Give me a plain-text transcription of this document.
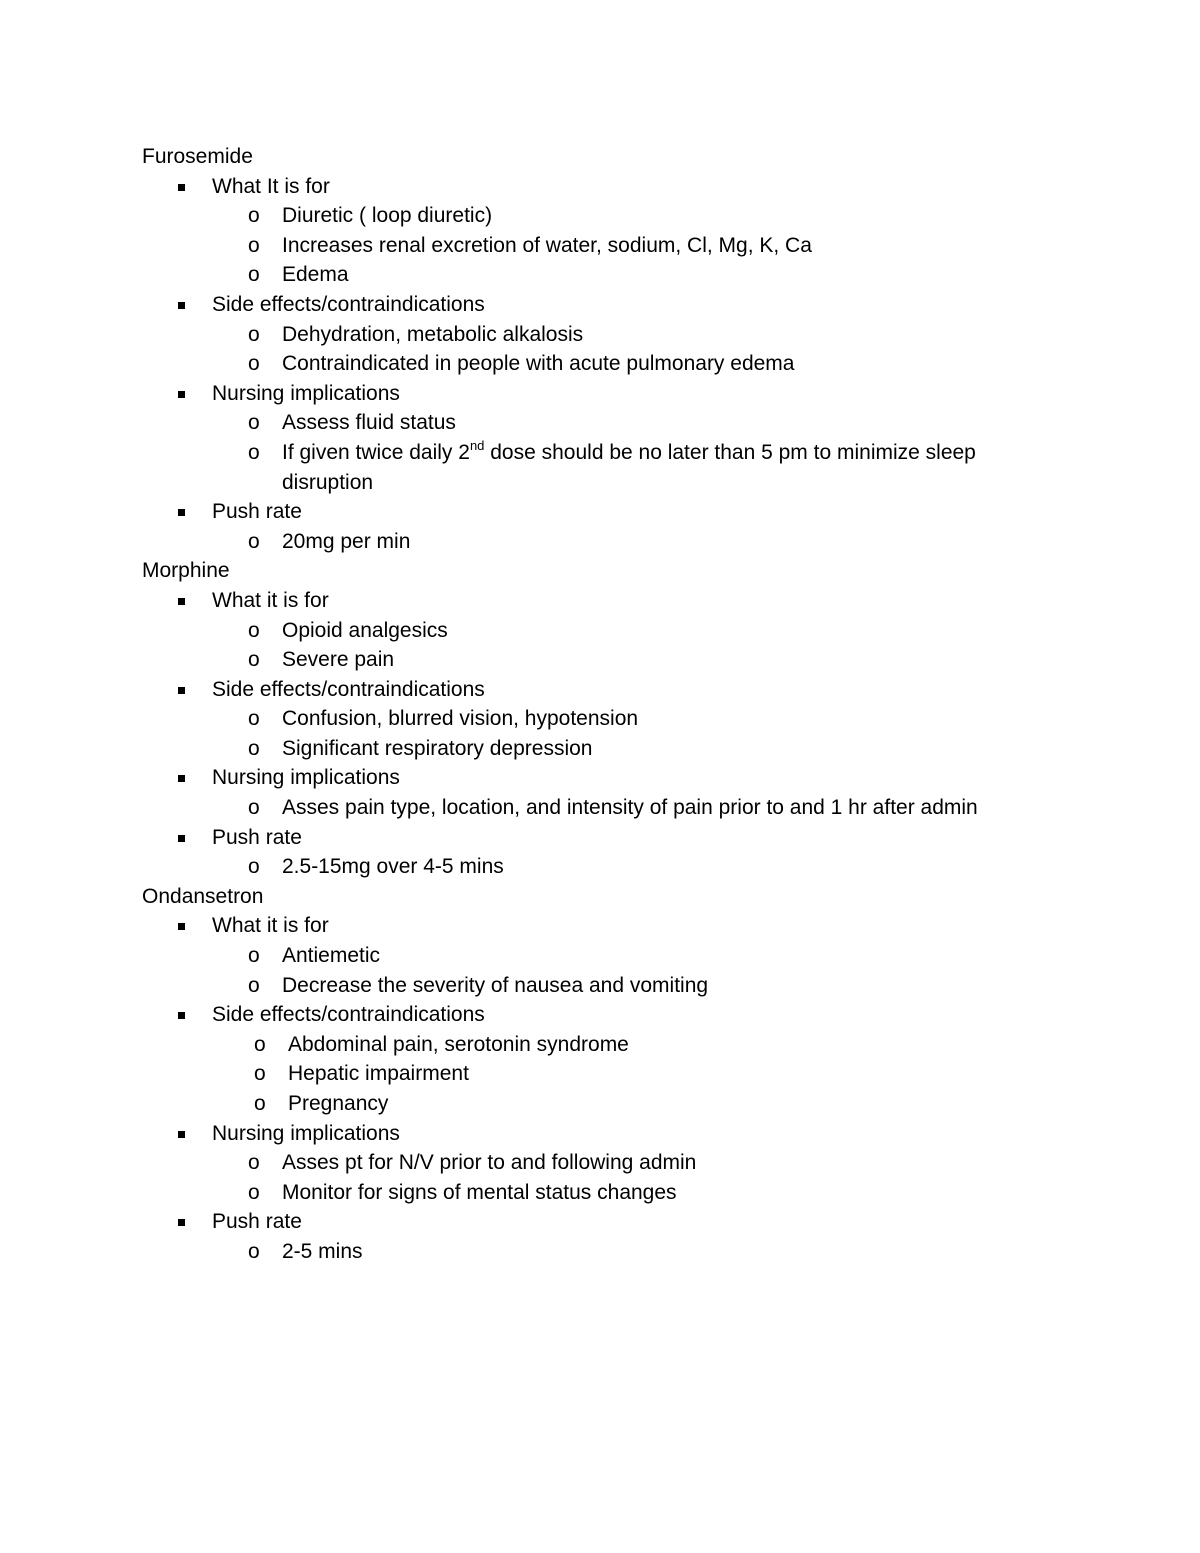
Furosemide
What It is for
o Diuretic ( loop diuretic)
o Increases renal excretion of water, sodium, Cl, Mg, K, Ca
o Edema
Side effects/contraindications
o Dehydration, metabolic alkalosis
o Contraindicated in people with acute pulmonary edema
Nursing implications
o Assess fluid status
o If given twice daily 2nd dose should be no later than 5 pm to minimize sleep
disruption
Push rate
o 20mg per min
Morphine
What it is for
o Opioid analgesics
o Severe pain
Side effects/contraindications
o Confusion, blurred vision, hypotension
o Significant respiratory depression
Nursing implications
o Asses pain type, location, and intensity of pain prior to and 1 hr after admin
Push rate
o 2.5-15mg over 4-5 mins
Ondansetron
What it is for
o Antiemetic
o Decrease the severity of nausea and vomiting
Side effects/contraindications
o Abdominal pain, serotonin syndrome
o Hepatic impairment
o Pregnancy
Nursing implications
o Asses pt for N/V prior to and following admin
o Monitor for signs of mental status changes
Push rate
o 2-5 mins
